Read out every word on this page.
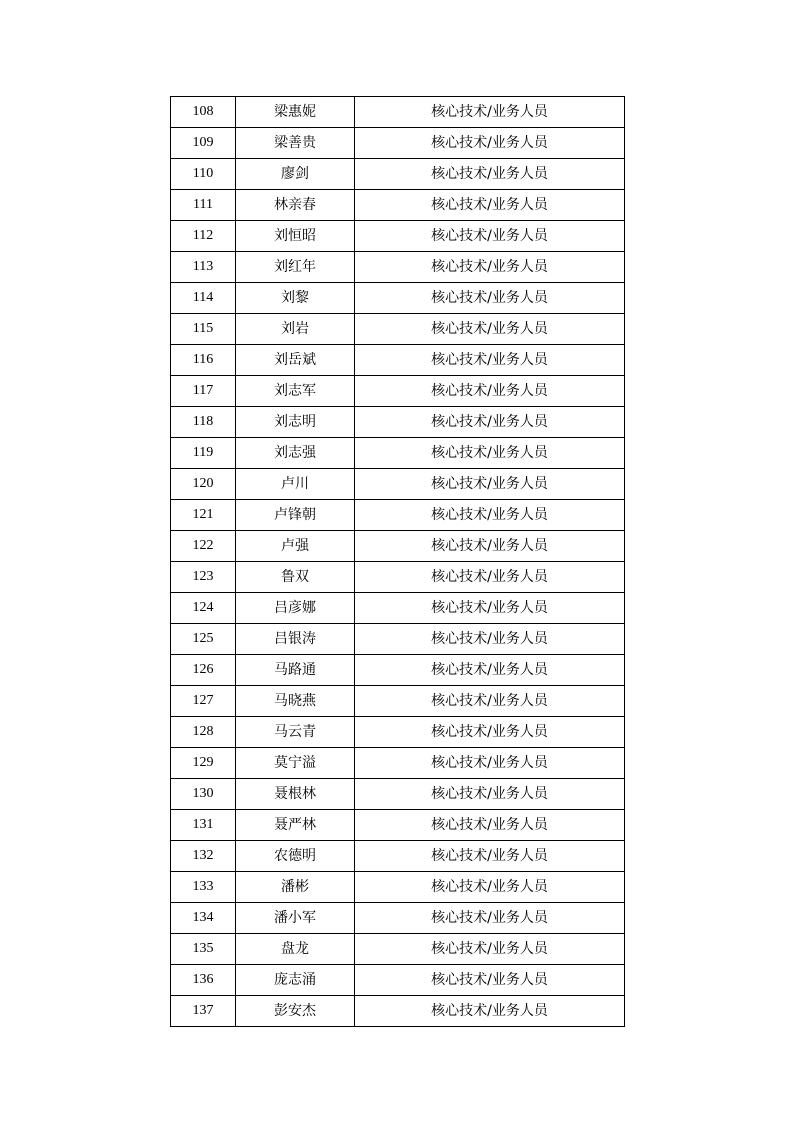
108	梁惠妮	核心技术/业务人员
109	梁善贵	核心技术/业务人员
110	廖剑	核心技术/业务人员
111	林亲春	核心技术/业务人员
112	刘恒昭	核心技术/业务人员
113	刘红年	核心技术/业务人员
114	刘黎	核心技术/业务人员
115	刘岩	核心技术/业务人员
116	刘岳斌	核心技术/业务人员
117	刘志军	核心技术/业务人员
118	刘志明	核心技术/业务人员
119	刘志强	核心技术/业务人员
120	卢川	核心技术/业务人员
121	卢锋朝	核心技术/业务人员
122	卢强	核心技术/业务人员
123	鲁双	核心技术/业务人员
124	吕彦娜	核心技术/业务人员
125	吕银涛	核心技术/业务人员
126	马路通	核心技术/业务人员
127	马晓燕	核心技术/业务人员
128	马云青	核心技术/业务人员
129	莫宁溢	核心技术/业务人员
130	聂根林	核心技术/业务人员
131	聂严林	核心技术/业务人员
132	农德明	核心技术/业务人员
133	潘彬	核心技术/业务人员
134	潘小军	核心技术/业务人员
135	盘龙	核心技术/业务人员
136	庞志涌	核心技术/业务人员
137	彭安杰	核心技术/业务人员
